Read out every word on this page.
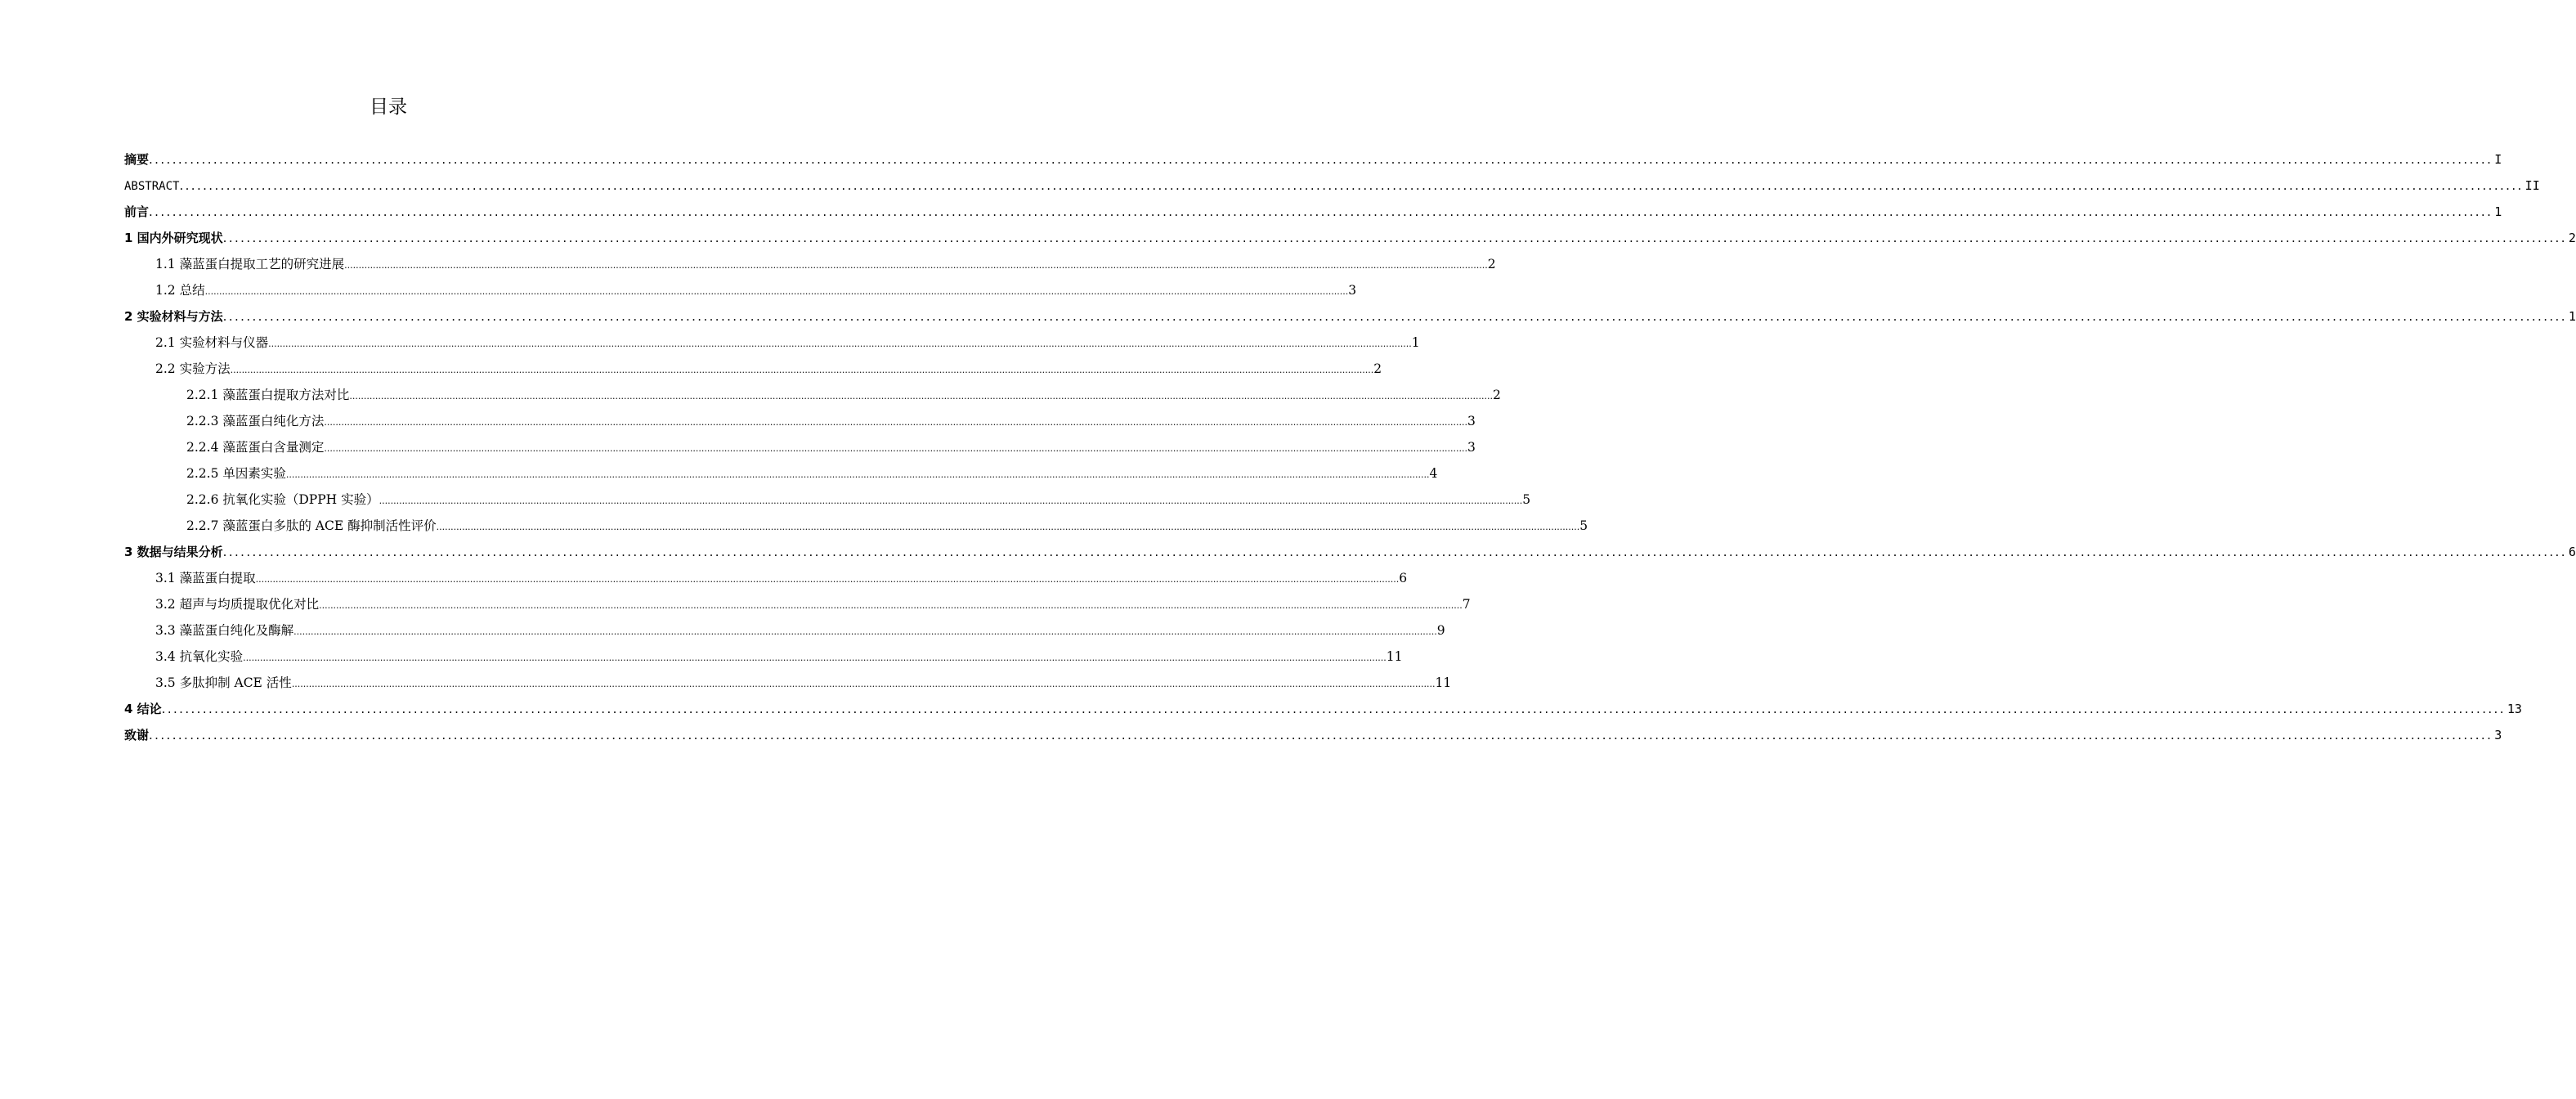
目录
摘要 ................................................................................................................................................................................................................................................................................................................................................................................................................ I
ABSTRACT ................................................................................................................................................................................................................................................................................................................................................................................................................ II
前言 ................................................................................................................................................................................................................................................................................................................................................................................................................ 1
1 国内外研究现状 ................................................................................................................................................................................................................................................................................................................................................................................................................ 2
1.1 藻蓝蛋白提取工艺的研究进展 ................................................................................................................................................................................................................................................................................................................................................................................................................ 2
1.2 总结 ................................................................................................................................................................................................................................................................................................................................................................................................................ 3
2 实验材料与方法 ................................................................................................................................................................................................................................................................................................................................................................................................................ 1
2.1 实验材料与仪器 ................................................................................................................................................................................................................................................................................................................................................................................................................ 1
2.2 实验方法 ................................................................................................................................................................................................................................................................................................................................................................................................................ 2
2.2.1 藻蓝蛋白提取方法对比 ................................................................................................................................................................................................................................................................................................................................................................................................................ 2
2.2.3 藻蓝蛋白纯化方法 ................................................................................................................................................................................................................................................................................................................................................................................................................ 3
2.2.4 藻蓝蛋白含量测定 ................................................................................................................................................................................................................................................................................................................................................................................................................ 3
2.2.5 单因素实验 ................................................................................................................................................................................................................................................................................................................................................................................................................ 4
2.2.6 抗氧化实验（DPPH 实验） ................................................................................................................................................................................................................................................................................................................................................................................................................ 5
2.2.7 藻蓝蛋白多肽的 ACE 酶抑制活性评价 ................................................................................................................................................................................................................................................................................................................................................................................................................ 5
3 数据与结果分析 ................................................................................................................................................................................................................................................................................................................................................................................................................ 6
3.1 藻蓝蛋白提取 ................................................................................................................................................................................................................................................................................................................................................................................................................ 6
3.2 超声与均质提取优化对比 ................................................................................................................................................................................................................................................................................................................................................................................................................ 7
3.3 藻蓝蛋白纯化及酶解 ................................................................................................................................................................................................................................................................................................................................................................................................................ 9
3.4 抗氧化实验 ................................................................................................................................................................................................................................................................................................................................................................................................................ 11
3.5 多肽抑制 ACE 活性 ................................................................................................................................................................................................................................................................................................................................................................................................................ 11
4 结论 ................................................................................................................................................................................................................................................................................................................................................................................................................ 13
致谢 ................................................................................................................................................................................................................................................................................................................................................................................................................ 3
